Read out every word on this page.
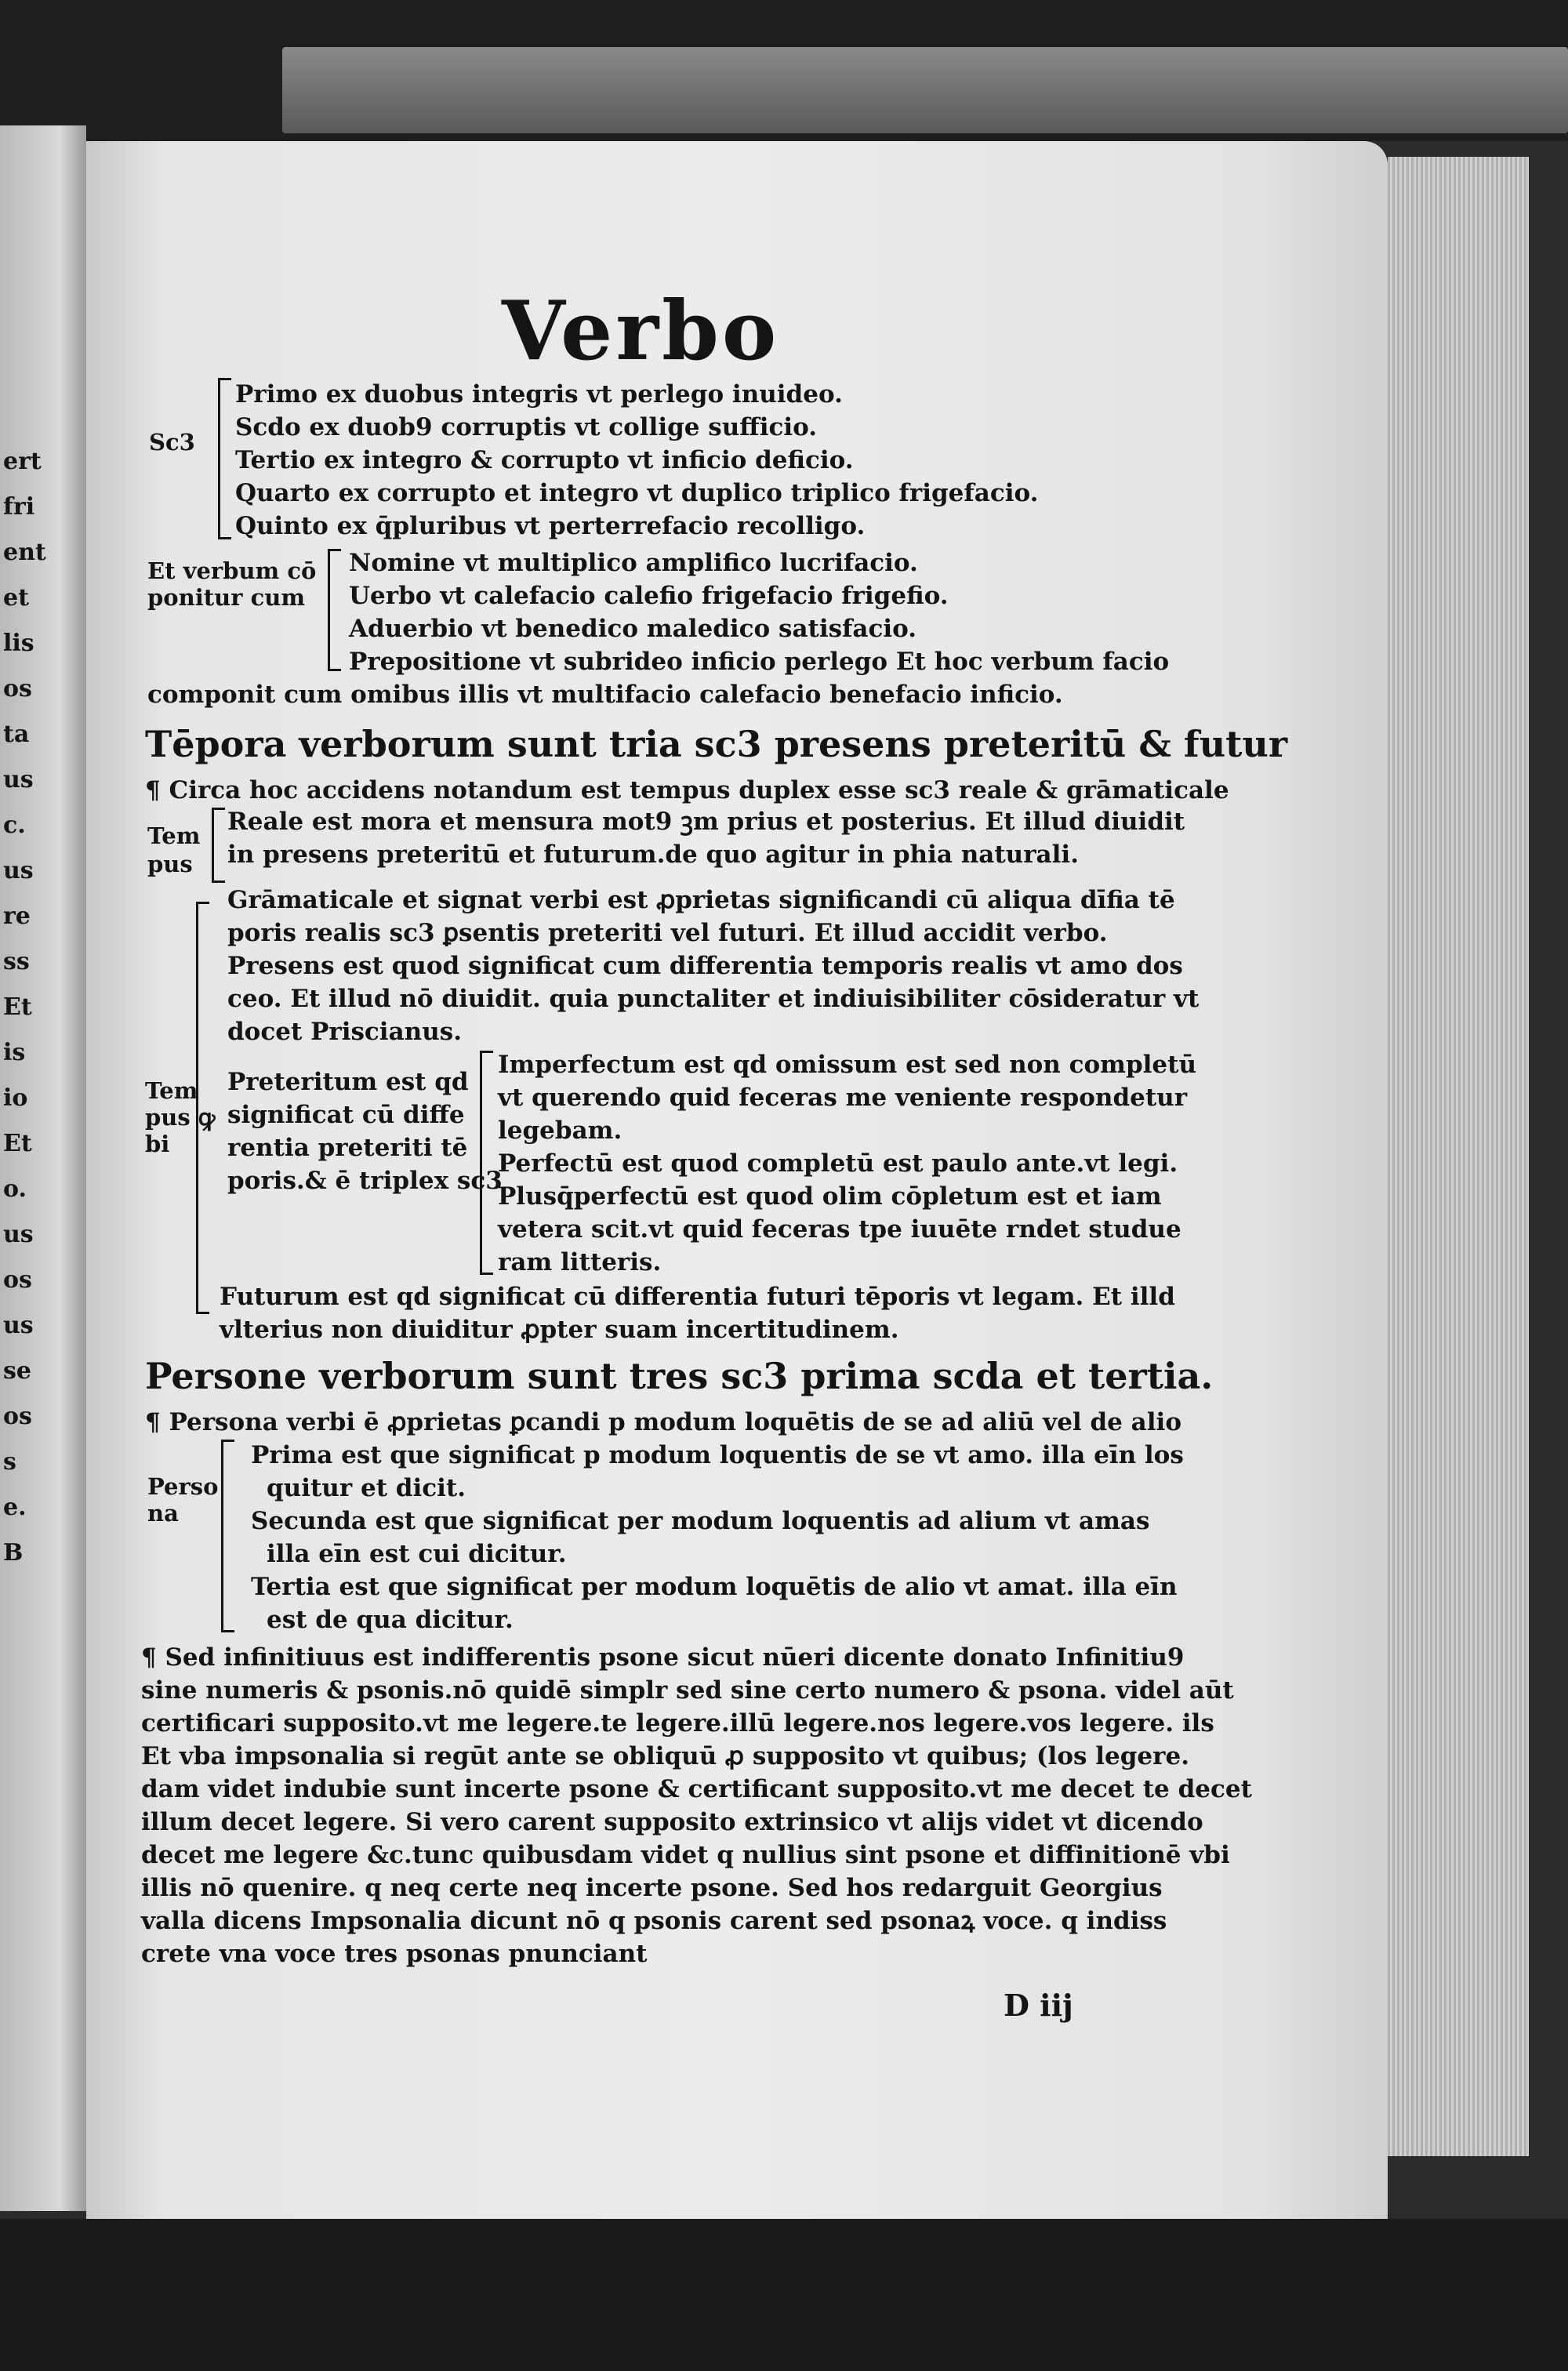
ert
fri
ent
et
lis
os
ta
us
c.
us
re
ss
Et
is
io
Et
o.
us
os
us
se
os
s
e.
B
Verbo
Sc3
Primo ex duobus integris vt perlego inuideo.
Scdo ex duob9 corruptis vt collige sufficio.
Tertio ex integro & corrupto vt inficio deficio.
Quarto ex corrupto et integro vt duplico triplico frigefacio.
Quinto ex q̄pluribus vt perterrefacio recolligo.
Et verbum cō
ponitur cum
Nomine vt multiplico amplifico lucrifacio.
Uerbo vt calefacio calefio frigefacio frigefio.
Aduerbio vt benedico maledico satisfacio.
Prepositione vt subrideo inficio perlego Et hoc verbum facio
componit cum omibus illis vt multifacio calefacio benefacio inficio.
Tēpora verborum sunt tria sc3 presens preteritū & futur
¶ Circa hoc accidens notandum est tempus duplex esse sc3 reale & grāmaticale
Tem
pus
Reale est mora et mensura mot9 ꝫm prius et posterius. Et illud diuidit
in presens preteritū et futurum.de quo agitur in phia naturali.
Grāmaticale et signat verbi est ꝓprietas significandi cū aliqua dīfia tē
poris realis sc3 ꝑsentis preteriti vel futuri. Et illud accidit verbo.
Presens est quod significat cum differentia temporis realis vt amo dos
ceo. Et illud nō diuidit. quia punctaliter et indiuisibiliter cōsideratur vt
docet Priscianus.
Tem
pus ꝙ
bi
Preteritum est qd
significat cū diffe
rentia preteriti tē
poris.& ē triplex sc3
Imperfectum est qd omissum est sed non completū
vt querendo quid feceras me veniente respondetur
legebam.
Perfectū est quod completū est paulo ante.vt legi.
Plusq̄perfectū est quod olim cōpletum est et iam
vetera scit.vt quid feceras tpe iuuēte rndet studue
ram litteris.
Futurum est qd significat cū differentia futuri tēporis vt legam. Et illd
vlterius non diuiditur ꝓpter suam incertitudinem.
Persone verborum sunt tres sc3 prima scda et tertia.
¶ Persona verbi ē ꝓprietas ꝑcandi p modum loquētis de se ad aliū vel de alio
Perso
na
Prima est que significat p modum loquentis de se vt amo. illa eīn los
quitur et dicit.
Secunda est que significat per modum loquentis ad alium vt amas
illa eīn est cui dicitur.
Tertia est que significat per modum loquētis de alio vt amat. illa eīn
est de qua dicitur.
¶ Sed infinitiuus est indifferentis psone sicut nūeri dicente donato Infinitiu9
sine numeris & psonis.nō quidē simplr sed sine certo numero & psona. videl aūt
certificari supposito.vt me legere.te legere.illū legere.nos legere.vos legere. ils
Et vba impsonalia si regūt ante se obliquū ꝓ supposito vt quibus; (los legere.
dam videt indubie sunt incerte psone & certificant supposito.vt me decet te decet
illum decet legere. Si vero carent supposito extrinsico vt alijs videt vt dicendo
decet me legere &c.tunc quibusdam videt q nullius sint psone et diffinitionē vbi
illis nō quenire. q neq certe neq incerte psone. Sed hos redarguit Georgius
valla dicens Impsonalia dicunt nō q psonis carent sed psonaꝝ voce. q indiss
crete vna voce tres psonas pnunciant
D iij
